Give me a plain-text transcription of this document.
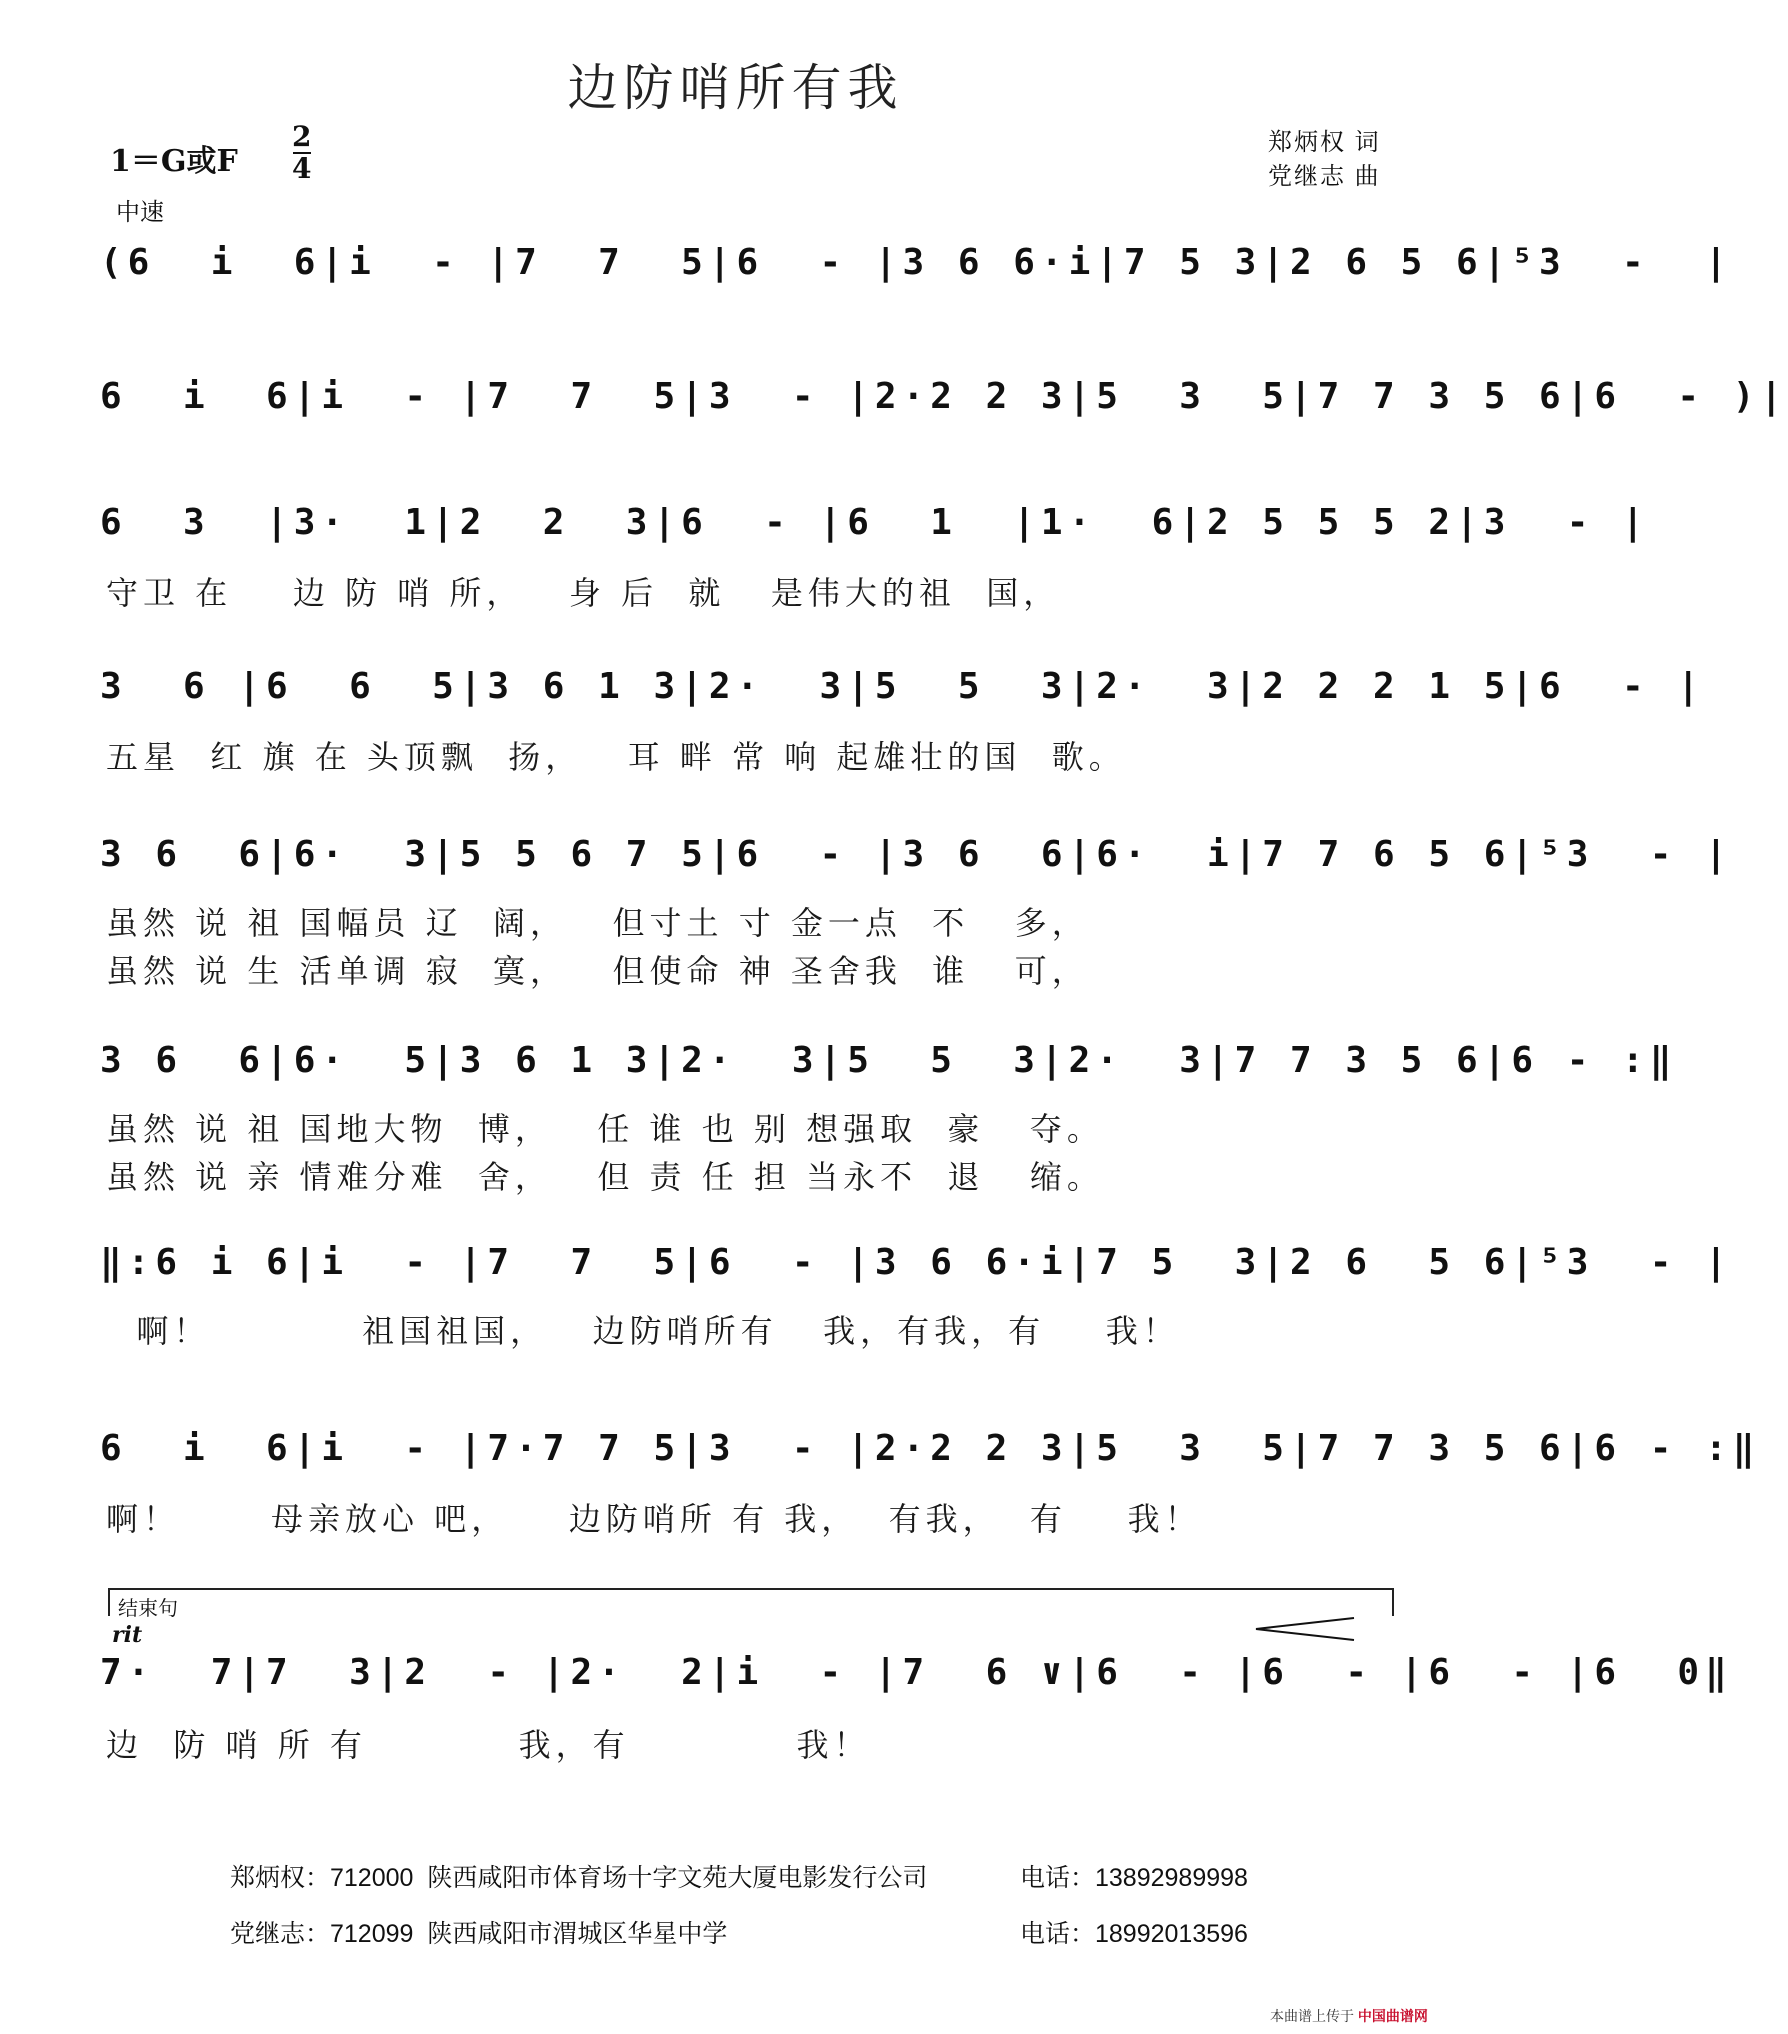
边防哨所有我
1＝G或F
2
4
中速
郑炳权 词
党继志 曲
(6  i  6|i  - |7  7  5|6  - |3 6 6·i|7 5 3|2 6 5 6|⁵3  -  |
6  i  6|i  - |7  7  5|3  - |2·2 2 3|5  3  5|7 7 3 5 6|6  - )|
6  3  |3·  1|2  2  3|6  - |6  1  |1·  6|2 5 5 5 2|3  - |
守卫 在    边 防 哨 所，   身 后  就   是伟大的祖  国，
3  6 |6  6  5|3 6 1 3|2·  3|5  5  3|2·  3|2 2 2 1 5|6  - |
五星  红 旗 在 头顶飘  扬，   耳 畔 常 响 起雄壮的国  歌。
3 6  6|6·  3|5 5 6 7 5|6  - |3 6  6|6·  i|7 7 6 5 6|⁵3  - |
虽然 说 祖 国幅员 辽  阔，   但寸土 寸 金一点  不   多，
虽然 说 生 活单调 寂  寞，   但使命 神 圣舍我  谁   可，
3 6  6|6·  5|3 6 1 3|2·  3|5  5  3|2·  3|7 7 3 5 6|6 - :‖
虽然 说 祖 国地大物  博，   任 谁 也 别 想强取  豪   夺。
虽然 说 亲 情难分难  舍，   但 责 任 担 当永不  退   缩。
‖:6 i 6|i  - |7  7  5|6  - |3 6 6·i|7 5  3|2 6  5 6|⁵3  - |
啊！          祖国祖国，   边防哨所有   我，有我，有    我！
6  i  6|i  - |7·7 7 5|3  - |2·2 2 3|5  3  5|7 7 3 5 6|6 - :‖
啊！      母亲放心 吧，    边防哨所 有 我，  有我，  有    我！
结束句
rit
7·  7|7  3|2  - |2·  2|i  - |7  6 ∨|6  - |6  - |6  - |6  0‖
边  防 哨 所 有          我，有           我！
郑炳权：712000  陕西咸阳市体育场十字文苑大厦电影发行公司	电话：13892989998
党继志：712099  陕西咸阳市渭城区华星中学	电话：18992013596
本曲谱上传于 中国曲谱网
